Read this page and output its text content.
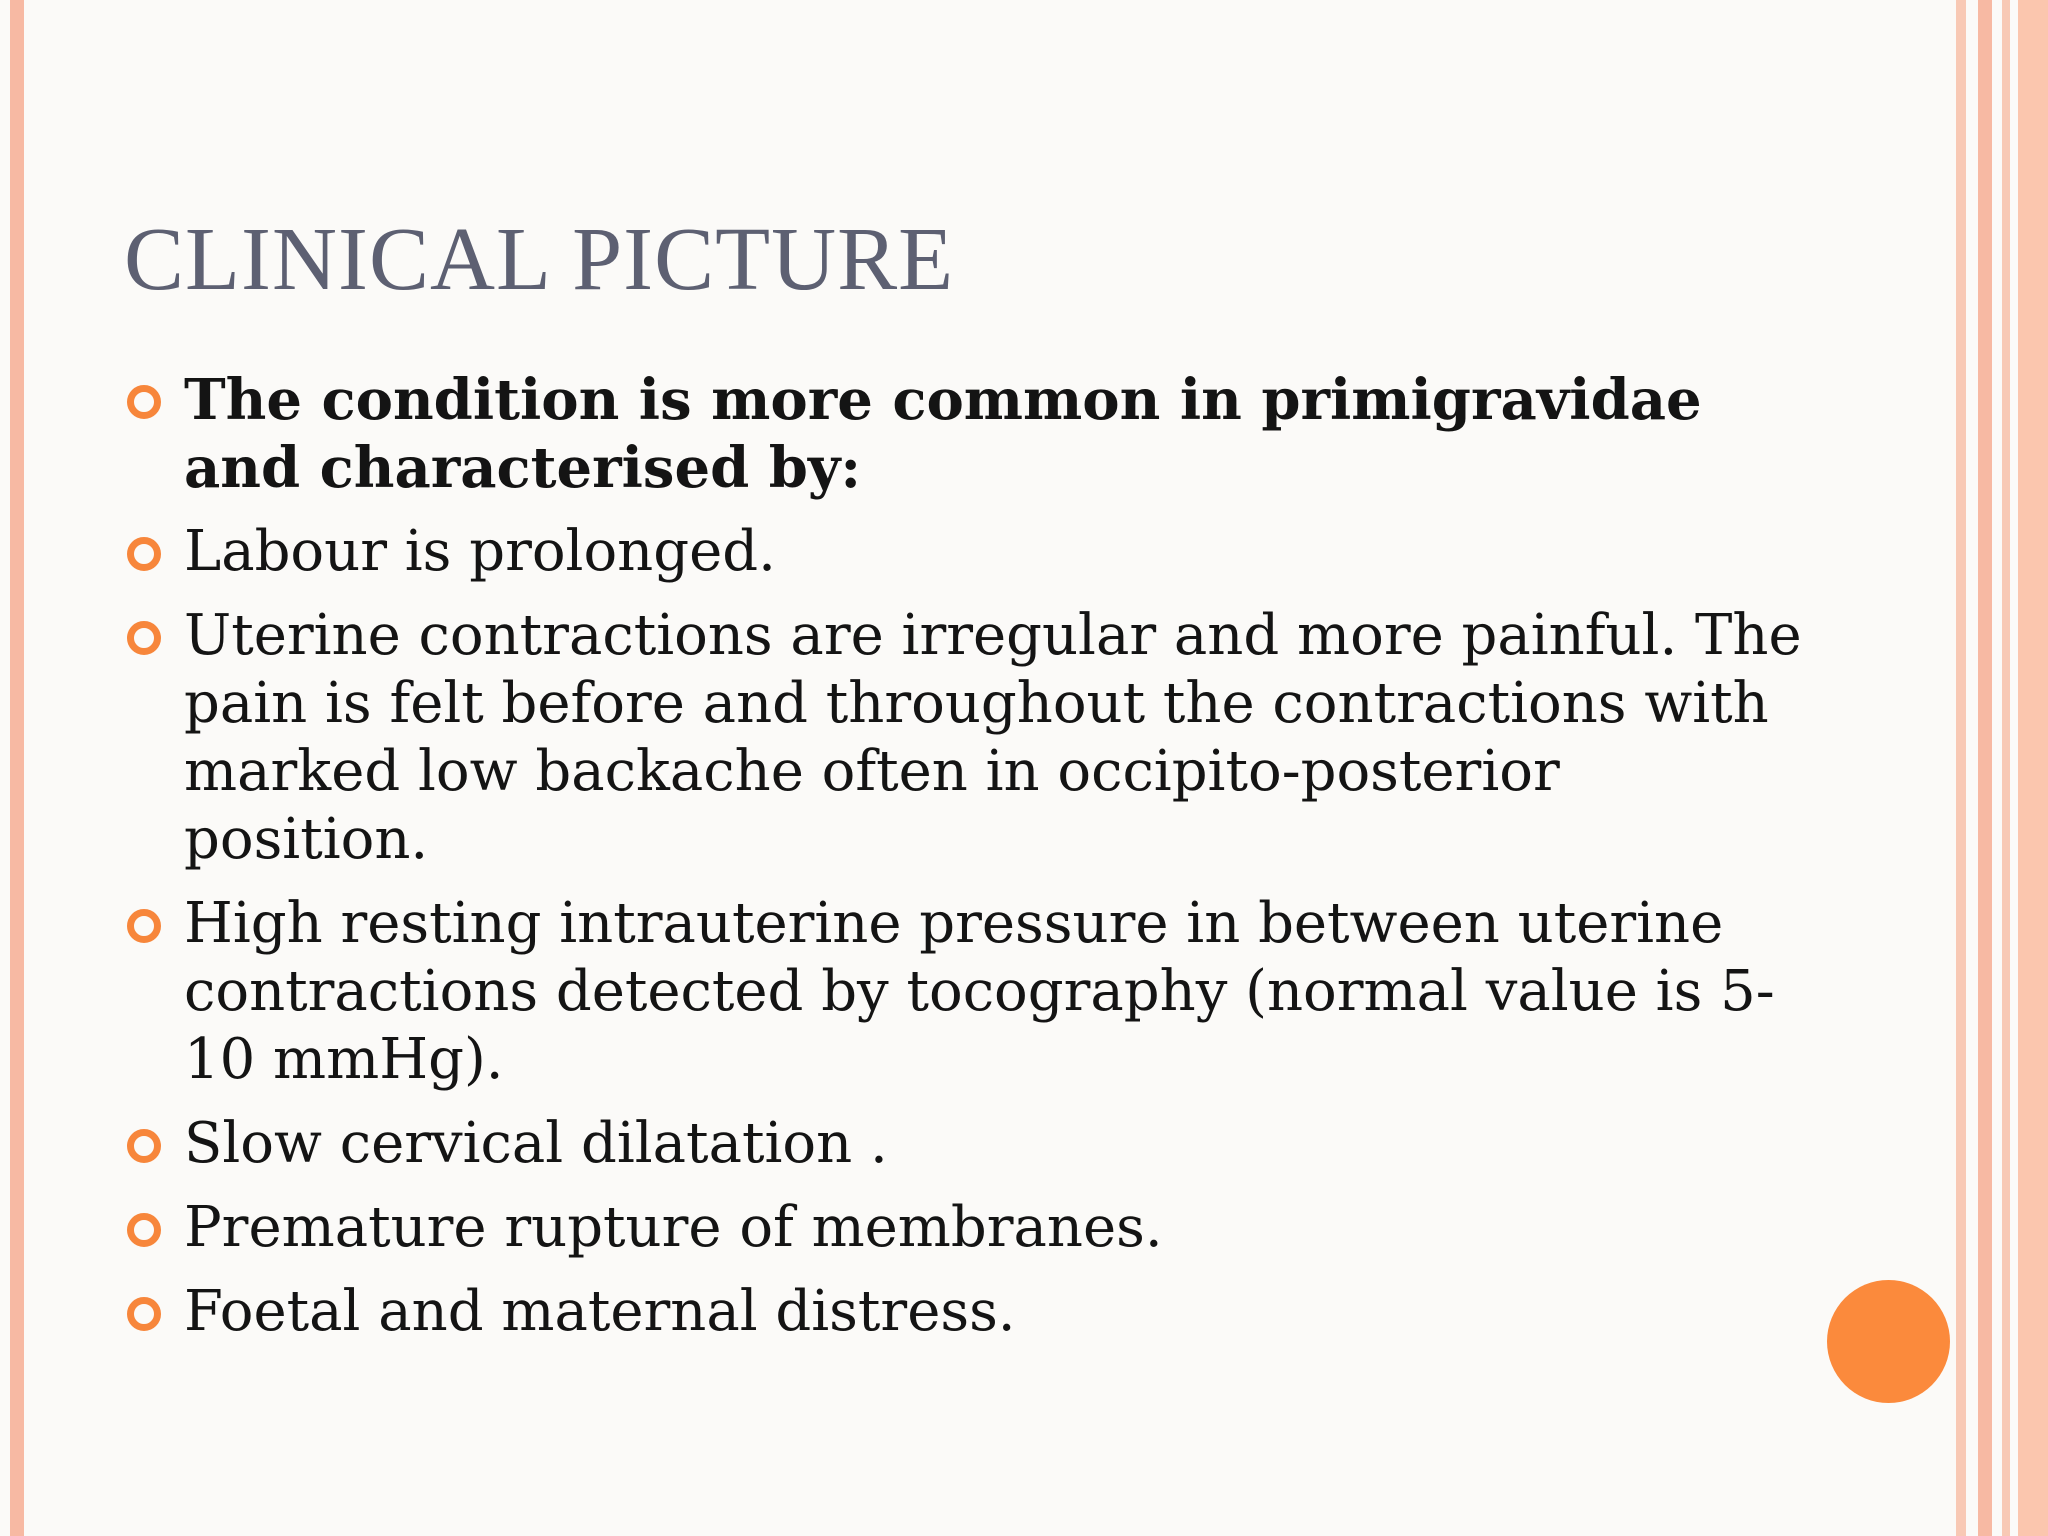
CLINICAL PICTURE
The condition is more common in primigravidae and characterised by:
Labour is prolonged.
Uterine contractions are irregular and more painful. The pain is felt before and throughout the contractions with marked low backache often in occipito-posterior position.
High resting intrauterine pressure in between uterine contractions detected by tocography (normal value is 5-10 mmHg).
Slow cervical dilatation .
Premature rupture of membranes.
Foetal and maternal distress.
